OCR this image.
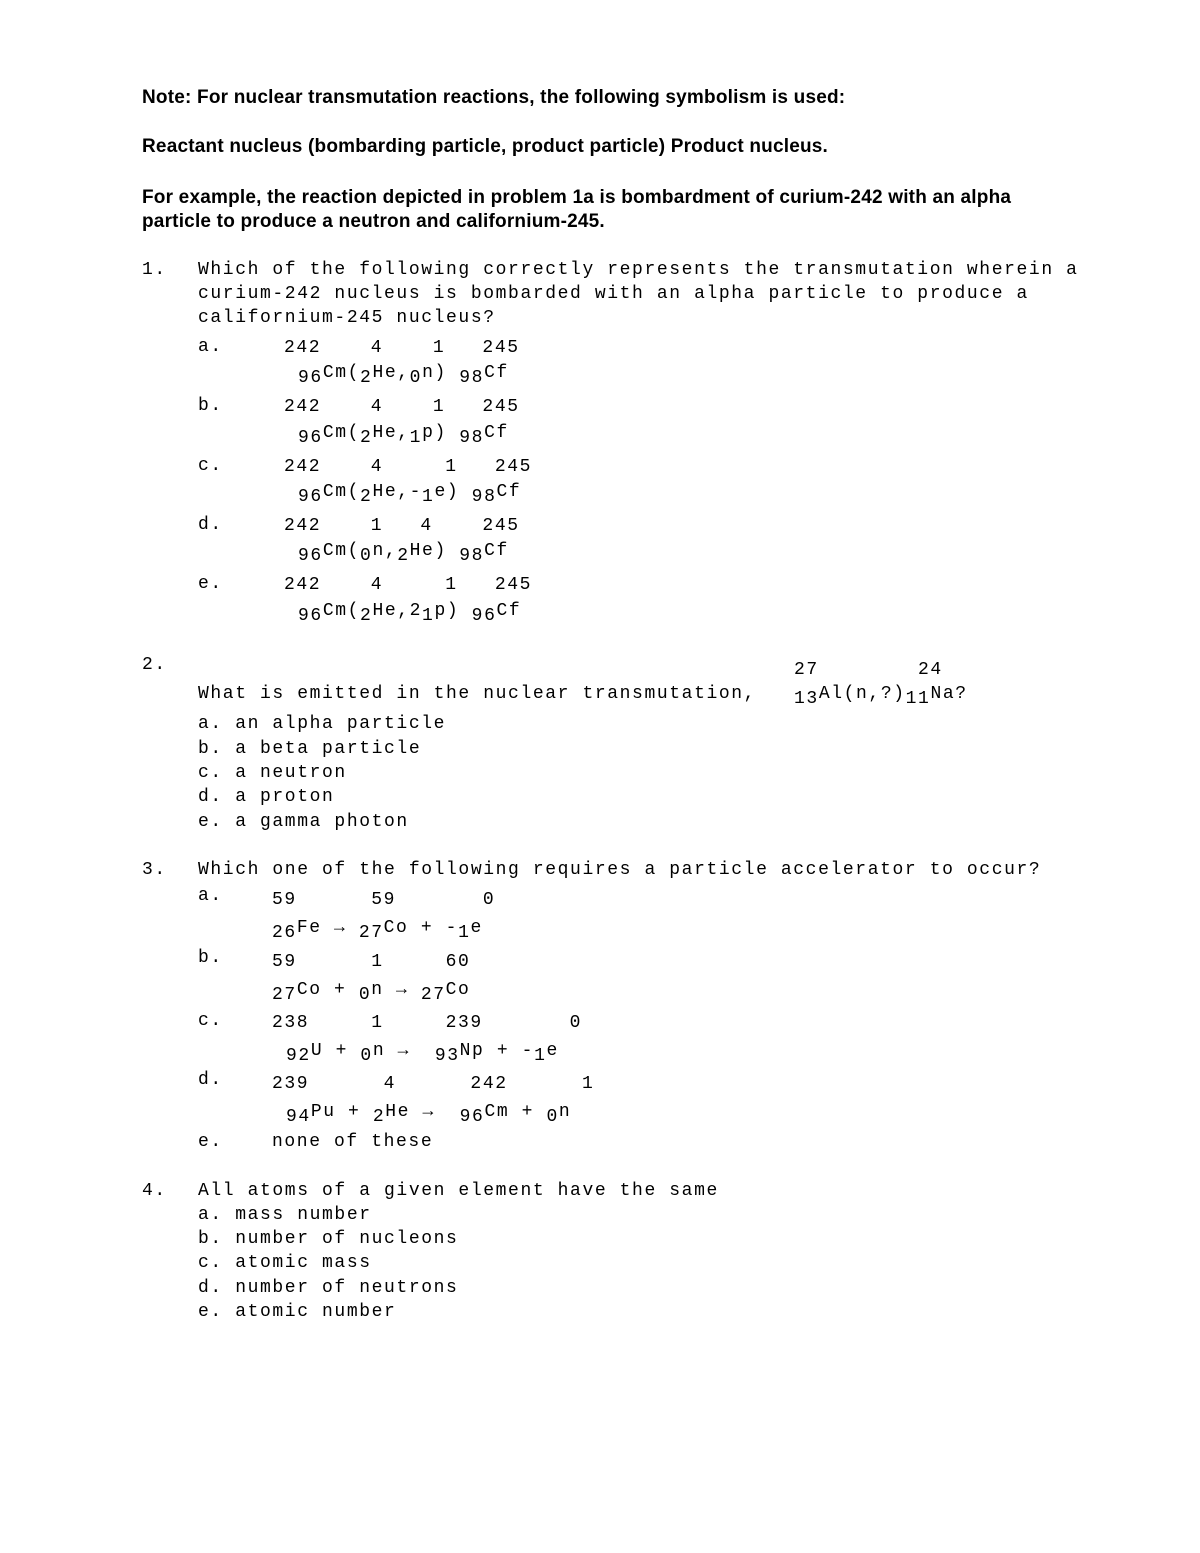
Note: For nuclear transmutation reactions, the following symbolism is used:
Reactant nucleus (bombarding particle, product particle) Product nucleus.
For example, the reaction depicted in problem 1a is bombardment of curium-242 with an alpha
particle to produce a neutron and californium-245.
1. Which of the following correctly represents the transmutation wherein a
curium-242 nucleus is bombarded with an alpha particle to produce a
californium-245 nucleus?
a.	242    4    1   245
96Cm(2He,0n) 98Cf
b.	242    4    1   245
96Cm(2He,1p) 98Cf
c.	242    4     1   245
96Cm(2He,-1e) 98Cf
d.	242    1   4    245
96Cm(0n,2He) 98Cf
e.	242    4     1   245
96Cm(2He,21p) 96Cf
2.	27        24
What is emitted in the nuclear transmutation, 13Al(n,?)11Na?
a. an alpha particle
b. a beta particle
c. a neutron
d. a proton
e. a gamma photon
3. Which one of the following requires a particle accelerator to occur?
a.	59      59       0
26Fe → 27Co + -1e
b.	59      1     60
27Co + 0n → 27Co
c.	238     1     239       0
92U + 0n →  93Np + -1e
d.	239      4      242      1
94Pu + 2He →  96Cm + 0n
e.	none of these
4. All atoms of a given element have the same
a. mass number
b. number of nucleons
c. atomic mass
d. number of neutrons
e. atomic number
